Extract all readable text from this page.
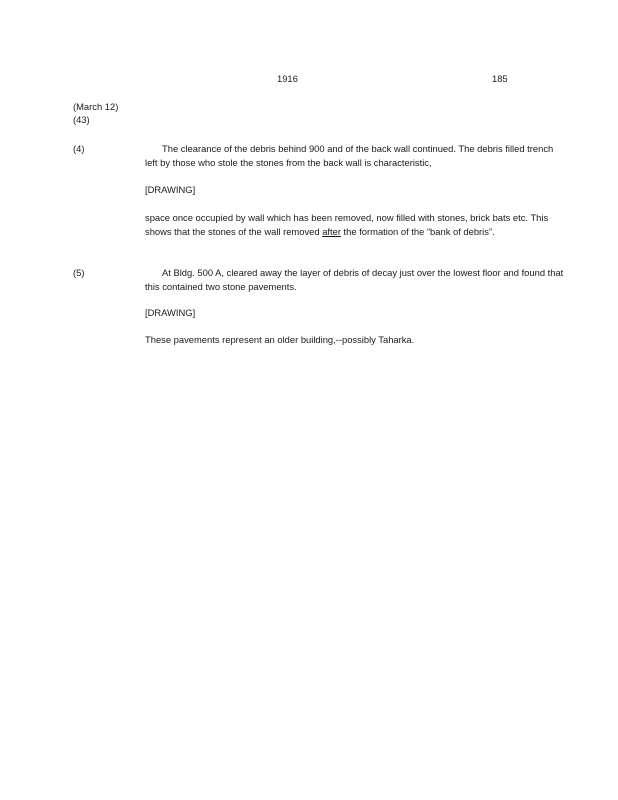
1916	185
(March 12)
(43)
(4)	The clearance of the debris behind 900 and of the back wall continued. The debris filled trench left by those who stole the stones from the back wall is characteristic,
[DRAWING]
space once occupied by wall which has been removed, now filled with stones, brick bats etc. This shows that the stones of the wall removed after the formation of the “bank of debris”.
(5)	At Bldg. 500 A, cleared away the layer of debris of decay just over the lowest floor and found that this contained two stone pavements.
[DRAWING]
These pavements represent an older building,--possibly Taharka.
